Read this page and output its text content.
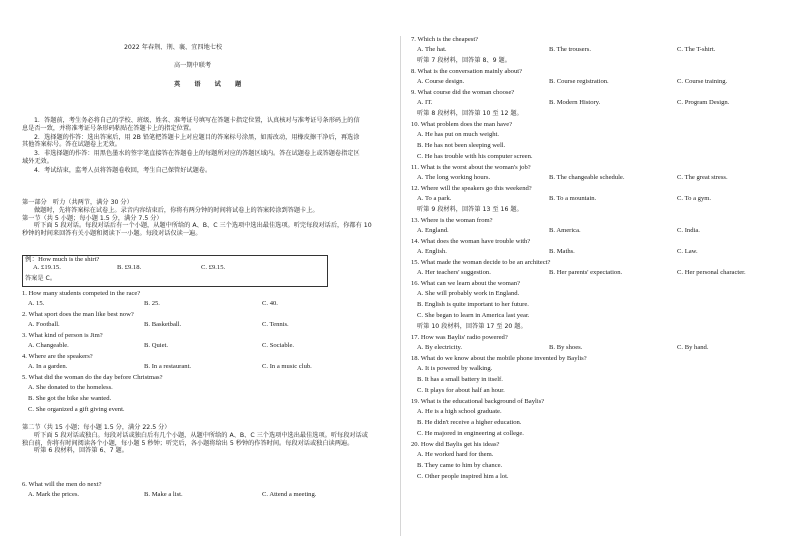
2022 年春荆、荆、襄、宜四地七校
高一期中联考
英 语 试 题

1．答题前，考生务必将自己的学校、班级、姓名、准考证号填写在答题卡指定位置，认真核对与准考证号条形码上的信息是否一致，并将准考证号条形码粘贴在答题卡上的指定位置。

2．选择题的作答：选出答案后，用 2B 铅笔把答题卡上对应题目的答案标号涂黑，如需改动，用橡皮擦干净后，再选涂其他答案标号。答在试题卷上无效。

3．非选择题的作答：用黑色墨水的签字笔直接答在答题卷上的每题所对应的答题区域内。答在试题卷上或答题卷指定区域外无效。

4．考试结束，监考人员将答题卷收回，考生自己保管好试题卷。

第一部分　听力（共两节，满分 30 分）

做题时，先将答案标在试卷上。录音内容结束后，你将有两分钟的时间将试卷上的答案转涂到答题卡上。

第一节（共 5 小题；每小题 1.5 分，满分 7.5 分）

听下面 5 段对话。每段对话后有一个小题，从题中所给的 A、B、C 三个选项中选出最佳选项。听完每段对话后，你都有 10 秒钟的时间来回答有关小题和阅读下一小题。每段对话仅读一遍。

例：How much is the shirt?
A. £19.15.	B. £9.18.	C. £9.15.
答案是 C。
1. How many students competed in the race?
A. 15.	B. 25.	C. 40.
2. What sport does the man like best now?
A. Football.	B. Basketball.	C. Tennis.
3. What kind of person is Jim?
A. Changeable.	B. Quiet.	C. Sociable.
4. Where are the speakers?
A. In a garden.	B. In a restaurant.	C. In a music club.
5. What did the woman do the day before Christmas?
A. She donated to the homeless.
B. She got the bike she wanted.
C. She organized a gift giving event.

第二节（共 15 小题；每小题 1.5 分，满分 22.5 分）

听下面 5 段对话或独白。每段对话或独白后有几个小题，从题中所给的 A、B、C 三个选项中选出最佳选项。听每段对话或独白前，你将有时间阅读各个小题，每小题 5 秒钟；听完后，各小题将给出 5 秒钟的作答时间。每段对话或独白读两遍。

听第 6 段材料，回答第 6、7 题。

6. What will the men do next?
A. Mark the prices.	B. Make a list.	C. Attend a meeting.
7. Which is the cheapest?
A. The hat.	B. The trousers.	C. The T-shirt.
听第 7 段材料，回答第 8、9 题。
8. What is the conversation mainly about?
A. Course design.	B. Course registration.	C. Course training.
9. What course did the woman choose?
A. IT.	B. Modern History.	C. Program Design.
听第 8 段材料，回答第 10 至 12 题。
10. What problem does the man have?
A. He has put on much weight.
B. He has not been sleeping well.
C. He has trouble with his computer screen.
11. What is the worst about the woman's job?
A. The long working hours.	B. The changeable schedule.	C. The great stress.
12. Where will the speakers go this weekend?
A. To a park.	B. To a mountain.	C. To a gym.
听第 9 段材料，回答第 13 至 16 题。
13. Where is the woman from?
A. England.	B. America.	C. India.
14. What does the woman have trouble with?
A. English.	B. Maths.	C. Law.
15. What made the woman decide to be an architect?
A. Her teachers' suggestion.	B. Her parents' expectation.	C. Her personal character.
16. What can we learn about the woman?
A. She will probably work in England.
B. English is quite important to her future.
C. She began to learn in America last year.
听第 10 段材料，回答第 17 至 20 题。
17. How was Baylis' radio powered?
A. By electricity.	B. By shoes.	C. By hand.
18. What do we know about the mobile phone invented by Baylis?
A. It is powered by walking.
B. It has a small battery in itself.
C. It plays for about half an hour.
19. What is the educational background of Baylis?
A. He is a high school graduate.
B. He didn't receive a higher education.
C. He majored in engineering at college.
20. How did Baylis get his ideas?
A. He worked hard for them.
B. They came to him by chance.
C. Other people inspired him a lot.
